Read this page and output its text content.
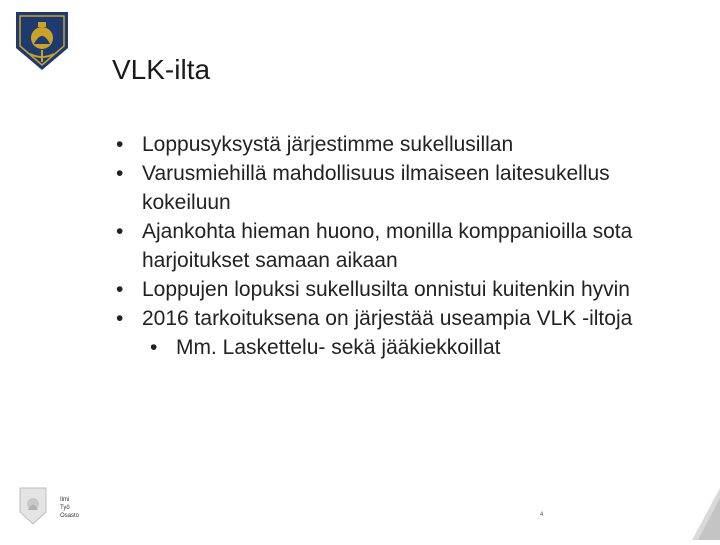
VLK-ilta
• Loppusyksystä järjestimme sukellusillan
• Varusmiehillä mahdollisuus ilmaiseen laitesukellus kokeiluun
• Ajankohta hieman huono, monilla komppanioilla sota harjoitukset samaan aikaan
• Loppujen lopuksi sukellusilta onnistui kuitenkin hyvin
• 2016 tarkoituksena on järjestää useampia VLK -iltoja
• Mm. Laskettelu- sekä jääkiekkoillat
Ilmi
Työ
Osasto	4
